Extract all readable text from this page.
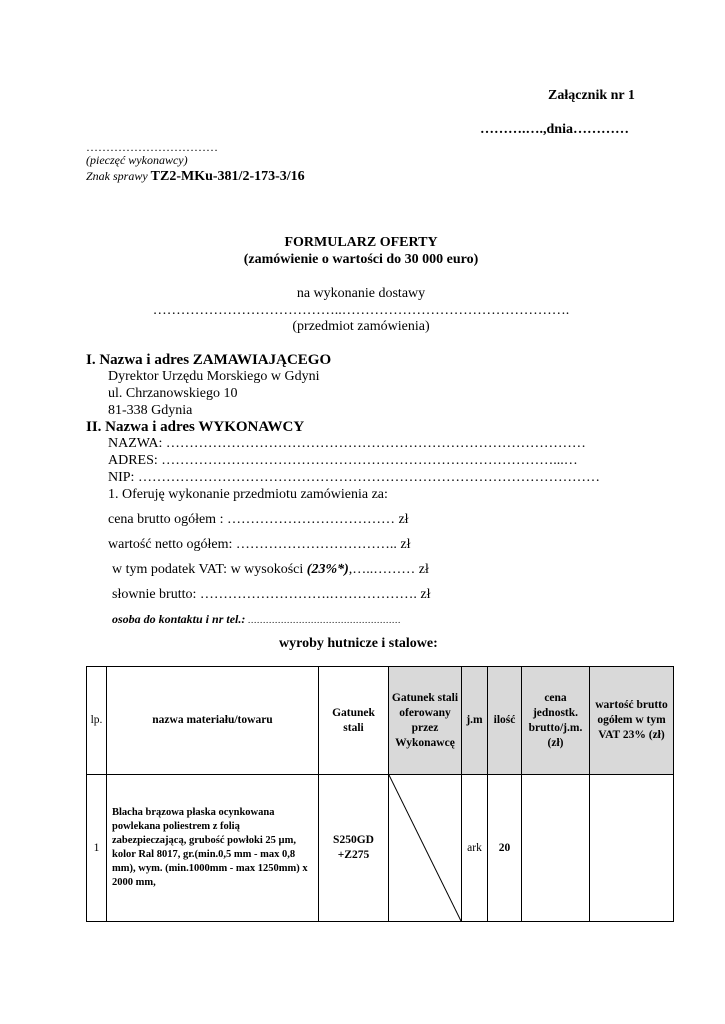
Załącznik nr 1
……….….,dnia…………
……………………………
(pieczęć wykonawcy)
Znak sprawy TZ2-MKu-381/2-173-3/16
FORMULARZ OFERTY
(zamówienie o wartości do 30 000 euro)
na wykonanie dostawy
…………………………………..………………………………………….
(przedmiot zamówienia)
I. Nazwa i adres ZAMAWIAJĄCEGO
Dyrektor Urzędu Morskiego w Gdyni
ul. Chrzanowskiego 10
81-338 Gdynia
II. Nazwa i adres WYKONAWCY
NAZWA: ………………………………………………………………………………
ADRES: …………………………………………………………………………...…
NIP: ………………………………………………………………………………………
1. Oferuję wykonanie przedmiotu zamówienia za:
cena brutto ogółem : ……………………………… zł
wartość netto ogółem: …………………………….. zł
w tym podatek VAT: w wysokości (23%*),…..……… zł
słownie brutto: ……………………….………………. zł
osoba do kontaktu i nr tel.: ……………………………………………
wyroby hutnicze i stalowe:
lp.	nazwa materiału/towaru	Gatunek stali	Gatunek stali oferowany przez Wykonawcę	j.m	ilość	cena jednostk. brutto/j.m. (zł)	wartość brutto ogółem w tym VAT 23% (zł)
1	Blacha brązowa płaska ocynkowana powlekana poliestrem z folią zabezpieczającą, grubość powłoki 25 µm, kolor Ral 8017, gr.(min.0,5 mm - max 0,8 mm), wym. (min.1000mm - max 1250mm) x 2000 mm,	S250GD +Z275		ark	20		
